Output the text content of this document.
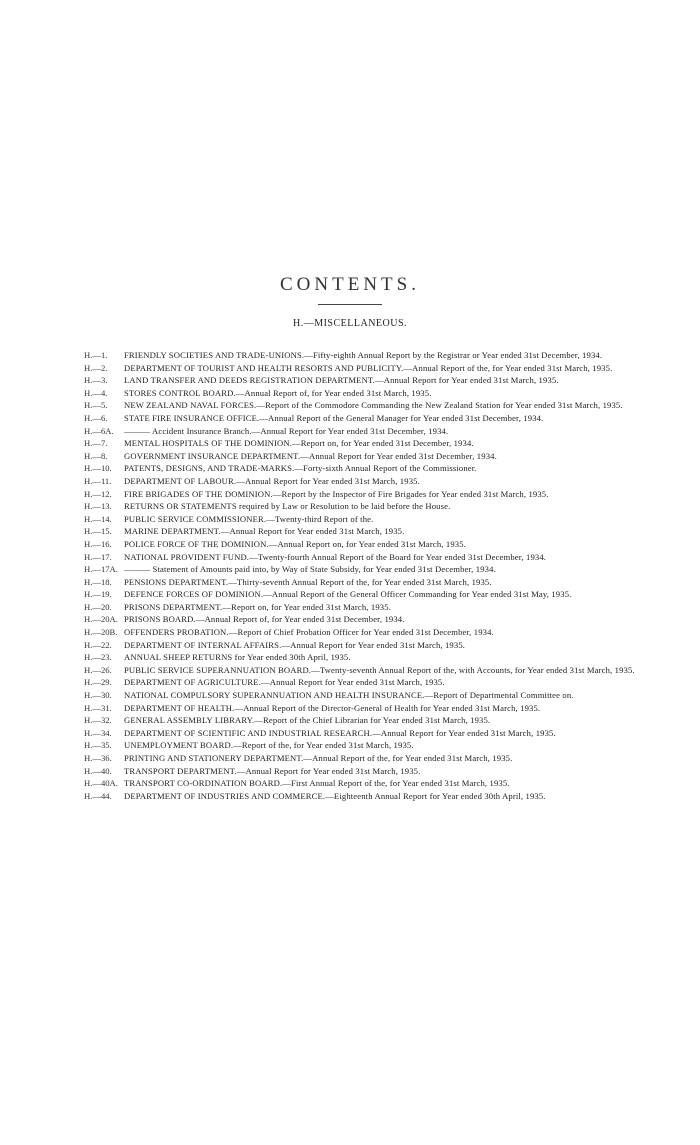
CONTENTS.
H.—MISCELLANEOUS.
H.—1.	FRIENDLY SOCIETIES AND TRADE-UNIONS.—Fifty-eighth Annual Report by the Registrar or Year ended 31st December, 1934.
H.—2.	DEPARTMENT OF TOURIST AND HEALTH RESORTS AND PUBLICITY.—Annual Report of the, for Year ended 31st March, 1935.
H.—3.	LAND TRANSFER AND DEEDS REGISTRATION DEPARTMENT.—Annual Report for Year ended 31st March, 1935.
H.—4.	STORES CONTROL BOARD.—Annual Report of, for Year ended 31st March, 1935.
H.—5.	NEW ZEALAND NAVAL FORCES.—Report of the Commodore Commanding the New Zealand Station for Year ended 31st March, 1935.
H.—6.	STATE FIRE INSURANCE OFFICE.—Annual Report of the General Manager for Year ended 31st December, 1934.
H.—6A.	——— Accident Insurance Branch.—Annual Report for Year ended 31st December, 1934.
H.—7.	MENTAL HOSPITALS OF THE DOMINION.—Report on, for Year ended 31st December, 1934.
H.—8.	GOVERNMENT INSURANCE DEPARTMENT.—Annual Report for Year ended 31st December, 1934.
H.—10.	PATENTS, DESIGNS, AND TRADE-MARKS.—Forty-sixth Annual Report of the Commissioner.
H.—11.	DEPARTMENT OF LABOUR.—Annual Report for Year ended 31st March, 1935.
H.—12.	FIRE BRIGADES OF THE DOMINION.—Report by the Inspector of Fire Brigades for Year ended 31st March, 1935.
H.—13.	RETURNS OR STATEMENTS required by Law or Resolution to be laid before the House.
H.—14.	PUBLIC SERVICE COMMISSIONER.—Twenty-third Report of the.
H.—15.	MARINE DEPARTMENT.—Annual Report for Year ended 31st March, 1935.
H.—16.	POLICE FORCE OF THE DOMINION.—Annual Report on, for Year ended 31st March, 1935.
H.—17.	NATIONAL PROVIDENT FUND.—Twenty-fourth Annual Report of the Board for Year ended 31st December, 1934.
H.—17A. ——— Statement of Amounts paid into, by Way of State Subsidy, for Year ended 31st December, 1934.
H.—18.	PENSIONS DEPARTMENT.—Thirty-seventh Annual Report of the, for Year ended 31st March, 1935.
H.—19.	DEFENCE FORCES OF DOMINION.—Annual Report of the General Officer Commanding for Year ended 31st May, 1935.
H.—20.	PRISONS DEPARTMENT.—Report on, for Year ended 31st March, 1935.
H.—20A. PRISONS BOARD.—Annual Report of, for Year ended 31st December, 1934.
H.—20B. OFFENDERS PROBATION.—Report of Chief Probation Officer for Year ended 31st December, 1934.
H.—22.	DEPARTMENT OF INTERNAL AFFAIRS.—Annual Report for Year ended 31st March, 1935.
H.—23.	ANNUAL SHEEP RETURNS for Year ended 30th April, 1935.
H.—26.	PUBLIC SERVICE SUPERANNUATION BOARD.—Twenty-seventh Annual Report of the, with Accounts, for Year ended 31st March, 1935.
H.—29.	DEPARTMENT OF AGRICULTURE.—Annual Report for Year ended 31st March, 1935.
H.—30.	NATIONAL COMPULSORY SUPERANNUATION AND HEALTH INSURANCE.—Report of Departmental Committee on.
H.—31.	DEPARTMENT OF HEALTH.—Annual Report of the Director-General of Health for Year ended 31st March, 1935.
H.—32.	GENERAL ASSEMBLY LIBRARY.—Report of the Chief Librarian for Year ended 31st March, 1935.
H.—34.	DEPARTMENT OF SCIENTIFIC AND INDUSTRIAL RESEARCH.—Annual Report for Year ended 31st March, 1935.
H.—35.	UNEMPLOYMENT BOARD.—Report of the, for Year ended 31st March, 1935.
H.—36.	PRINTING AND STATIONERY DEPARTMENT.—Annual Report of the, for Year ended 31st March, 1935.
H.—40.	TRANSPORT DEPARTMENT.—Annual Report for Year ended 31st March, 1935.
H.—40A. TRANSPORT CO-ORDINATION BOARD.—First Annual Report of the, for Year ended 31st March, 1935.
H.—44.	DEPARTMENT OF INDUSTRIES AND COMMERCE.—Eighteenth Annual Report for Year ended 30th April, 1935.
